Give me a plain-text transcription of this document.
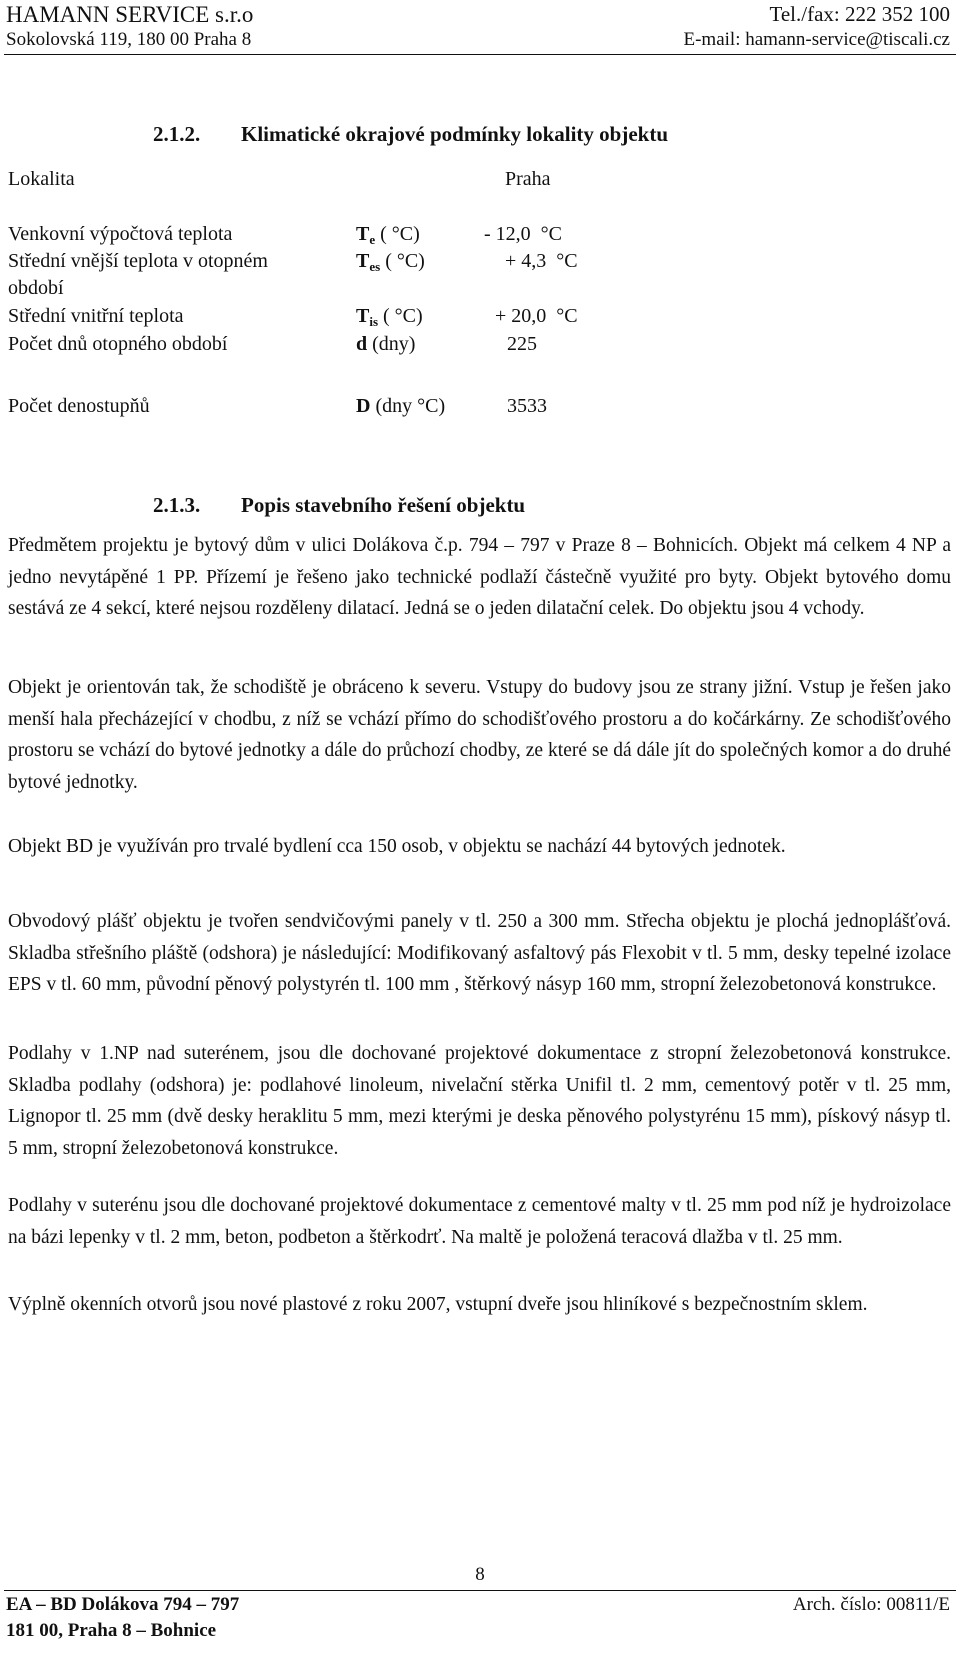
HAMANN SERVICE s.r.o
Sokolovská 119, 180 00 Praha 8
Tel./fax: 222 352 100
E-mail: hamann-service@tiscali.cz
2.1.2. Klimatické okrajové podmínky lokality objektu
Lokalita	Praha
Venkovní výpočtová teplota	$T_e$ ( °C)	- 12,0  °C
Střední vnější teplota v otopném	$T_{es}$ ( °C)	+ 4,3  °C
období
Střední vnitřní teplota	$T_{is}$ ( °C)	+ 20,0  °C
Počet dnů otopného období	d (dny)	225
Počet denostupňů	D (dny °C)	3533
2.1.3. Popis stavebního řešení objektu

Předmětem projektu je bytový dům v ulici Dolákova č.p. 794 – 797 v Praze 8 – Bohnicích. Objekt má celkem 4 NP a jedno nevytápěné 1 PP. Přízemí je řešeno jako technické podlaží částečně využité pro byty. Objekt bytového domu sestává ze 4 sekcí, které nejsou rozděleny dilatací. Jedná se o jeden dilatační celek. Do objektu jsou 4 vchody.

Objekt je orientován tak, že schodiště je obráceno k severu. Vstupy do budovy jsou ze strany jižní. Vstup je řešen jako menší hala přecházející v chodbu, z níž se vchází přímo do schodišťového prostoru a do kočárkárny. Ze schodišťového prostoru se vchází do bytové jednotky a dále do průchozí chodby, ze které se dá dále jít do společných komor a do druhé bytové jednotky.

Objekt BD je využíván pro trvalé bydlení cca 150 osob, v objektu se nachází 44 bytových jednotek.

Obvodový plášť objektu je tvořen sendvičovými panely v tl. 250 a 300 mm. Střecha objektu je plochá jednoplášťová. Skladba střešního pláště (odshora) je následující: Modifikovaný asfaltový pás Flexobit v tl. 5 mm, desky tepelné izolace EPS v tl. 60 mm, původní pěnový polystyrén tl. 100 mm , štěrkový násyp 160 mm, stropní železobetonová konstrukce.

Podlahy v 1.NP nad suterénem, jsou dle dochované projektové dokumentace z stropní železobetonová konstrukce. Skladba podlahy (odshora) je: podlahové linoleum, nivelační stěrka Unifil tl. 2 mm, cementový potěr v tl. 25 mm, Lignopor tl. 25 mm (dvě desky heraklitu 5 mm, mezi kterými je deska pěnového polystyrénu 15 mm), pískový násyp tl. 5 mm, stropní železobetonová konstrukce.

Podlahy v suterénu jsou dle dochované projektové dokumentace z cementové malty v tl. 25 mm pod níž je hydroizolace na bázi lepenky v tl. 2 mm, beton, podbeton a štěrkodrť. Na maltě je položená teracová dlažba v tl. 25 mm.

Výplně okenních otvorů jsou nové plastové z roku 2007, vstupní dveře jsou hliníkové s bezpečnostním sklem.

8
EA – BD Dolákova 794 – 797
181 00, Praha 8 – Bohnice
Arch. číslo: 00811/E
